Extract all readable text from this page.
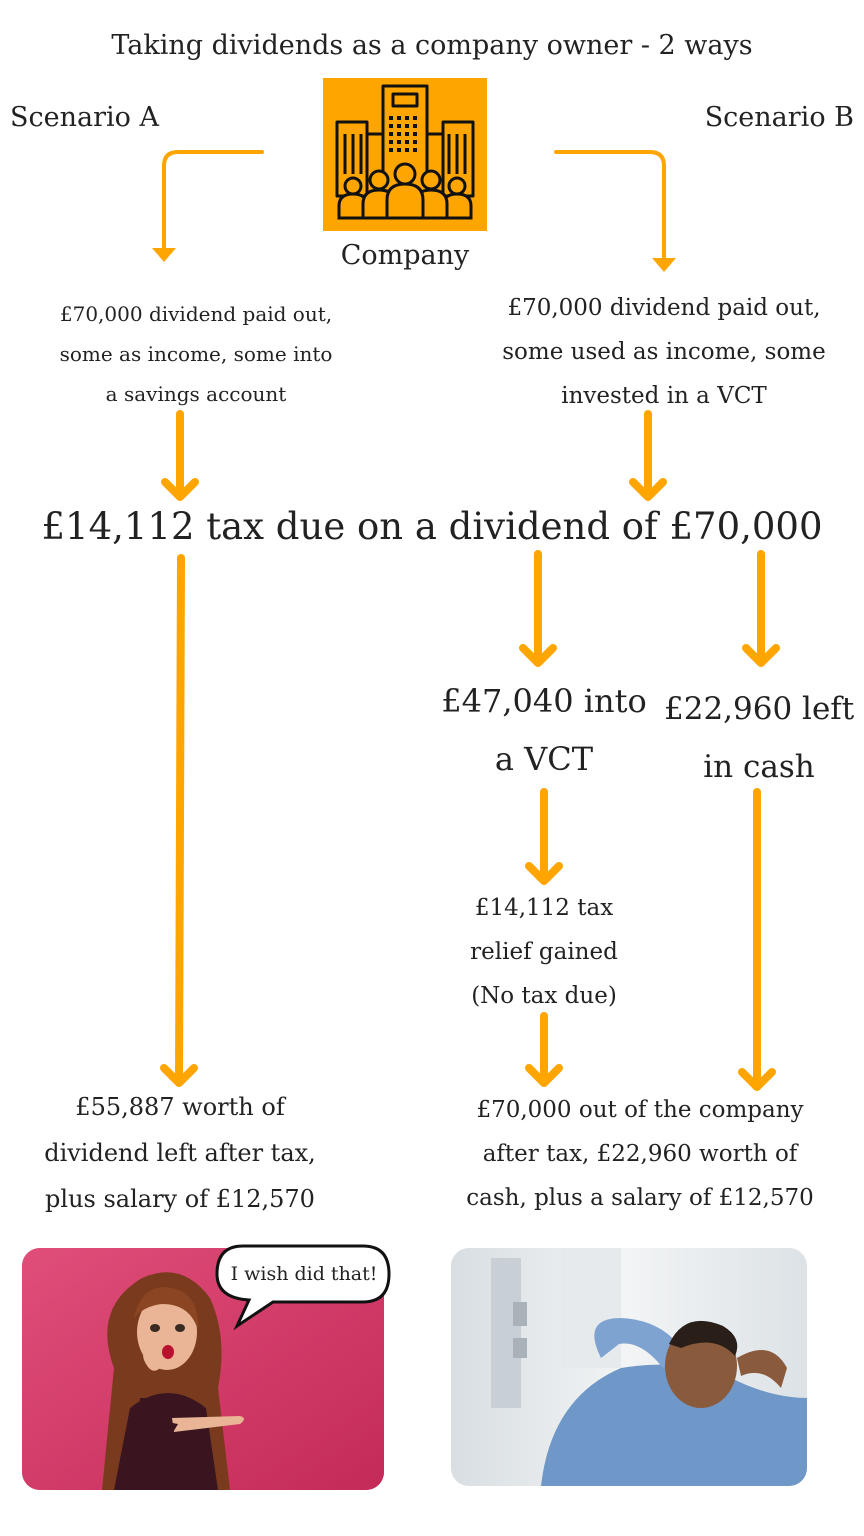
Taking dividends as a company owner - 2 ways
Scenario A	Scenario B
Company
£70,000 dividend paid out,
some as income, some into
a savings account
£70,000 dividend paid out,
some used as income, some
invested in a VCT
£14,112 tax due on a dividend of £70,000
£47,040 into
a VCT
£22,960 left
in cash
£14,112 tax
relief gained
(No tax due)
£55,887 worth of
dividend left after tax,
plus salary of £12,570
£70,000 out of the company
after tax, £22,960 worth of
cash, plus a salary of £12,570
I wish did that!
